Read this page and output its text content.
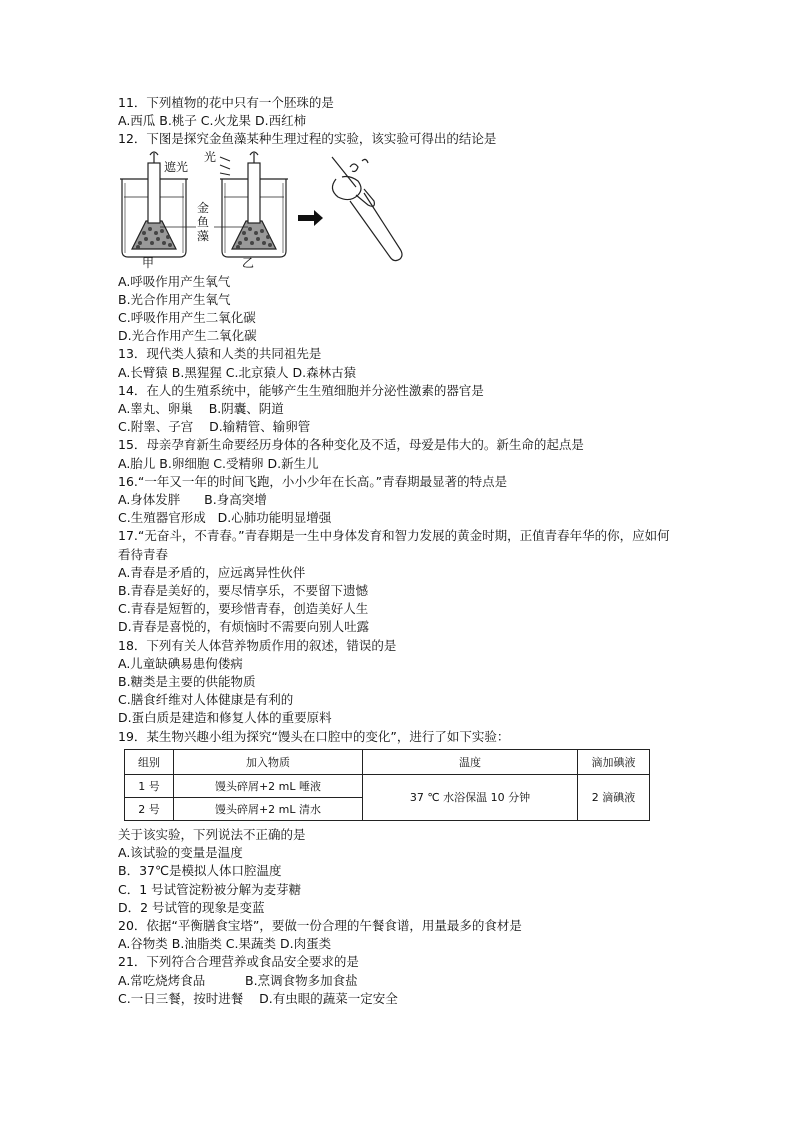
11．下列植物的花中只有一个胚珠的是

A.西瓜 B.桃子 C.火龙果 D.西红柿

12．下图是探究金鱼藻某种生理过程的实验，该实验可得出的结论是

遮光
光
金
鱼
藻
甲	乙

A.呼吸作用产生氧气

B.光合作用产生氧气

C.呼吸作用产生二氧化碳

D.光合作用产生二氧化碳

13．现代类人猿和人类的共同祖先是

A.长臂猿 B.黑猩猩 C.北京猿人 D.森林古猿

14．在人的生殖系统中，能够产生生殖细胞并分泌性激素的器官是

A.睾丸、卵巢    B.阴囊、阴道

C.附睾、子宫    D.输精管、输卵管

15．母亲孕育新生命要经历身体的各种变化及不适，母爱是伟大的。新生命的起点是

A.胎儿 B.卵细胞 C.受精卵 D.新生儿

16.“一年又一年的时间飞跑，小小少年在长高。”青春期最显著的特点是

A.身体发胖      B.身高突增

C.生殖器官形成   D.心肺功能明显增强

17.“无奋斗，不青春。”青春期是一生中身体发育和智力发展的黄金时期，正值青春年华的你，应如何看待青春

A.青春是矛盾的，应远离异性伙伴

B.青春是美好的，要尽情享乐，不要留下遗憾

C.青春是短暂的，要珍惜青春，创造美好人生

D.青春是喜悦的，有烦恼时不需要向别人吐露

18．下列有关人体营养物质作用的叙述，错误的是

A.儿童缺碘易患佝偻病

B.糖类是主要的供能物质

C.膳食纤维对人体健康是有利的

D.蛋白质是建造和修复人体的重要原料

19．某生物兴趣小组为探究“馒头在口腔中的变化”，进行了如下实验：

组别	加入物质	温度	滴加碘液
1 号	馒头碎屑+2 mL 唾液	37 ℃ 水浴保温 10 分钟	2 滴碘液
2 号	馒头碎屑+2 mL 清水		

关于该实验，下列说法不正确的是

A.该试验的变量是温度

B．37℃是模拟人体口腔温度

C．1 号试管淀粉被分解为麦芽糖

D．2 号试管的现象是变蓝

20．依据“平衡膳食宝塔”，要做一份合理的午餐食谱，用量最多的食材是

A.谷物类 B.油脂类 C.果蔬类 D.肉蛋类

21．下列符合合理营养或食品安全要求的是

A.常吃烧烤食品          B.烹调食物多加食盐

C.一日三餐，按时进餐    D.有虫眼的蔬菜一定安全
